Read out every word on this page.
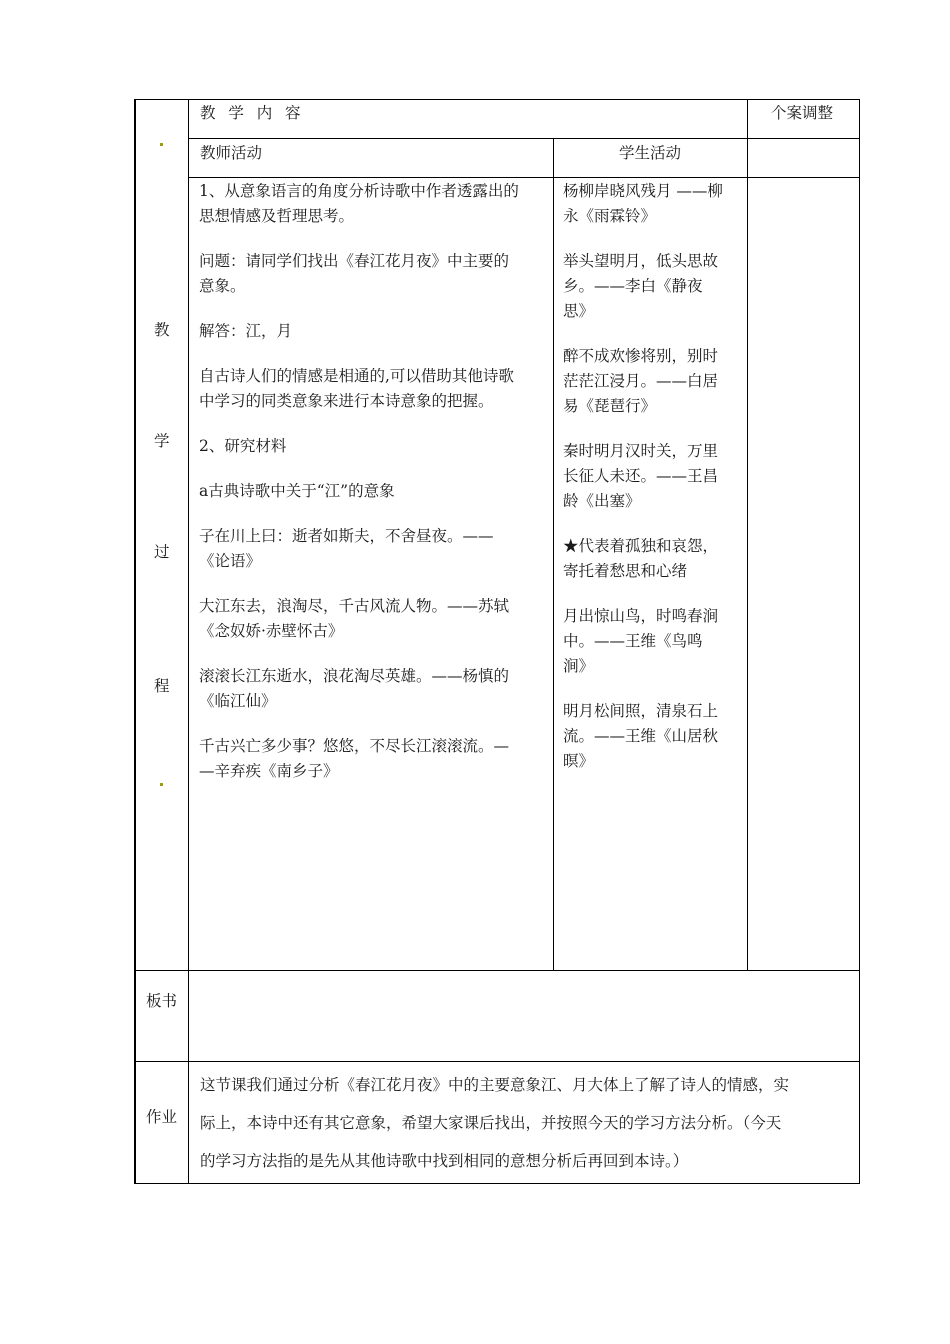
教  学  内  容	个案调整
教师活动	学生活动
教
学
过
程
板书
作业
1、从意象语言的角度分析诗歌中作者透露出的
思想情感及哲理思考。
问题：请同学们找出《春江花月夜》中主要的
意象。
解答：江，月
自古诗人们的情感是相通的,可以借助其他诗歌
中学习的同类意象来进行本诗意象的把握。
2、研究材料
a古典诗歌中关于“江”的意象
子在川上曰：逝者如斯夫，不舍昼夜。——
《论语》
大江东去，浪淘尽，千古风流人物。——苏轼
《念奴娇·赤壁怀古》
滚滚长江东逝水，浪花淘尽英雄。——杨慎的
《临江仙》
千古兴亡多少事？悠悠，不尽长江滚滚流。—
—辛弃疾《南乡子》
杨柳岸晓风残月 ——柳
永《雨霖铃》
举头望明月，低头思故
乡。——李白《静夜
思》
醉不成欢惨将别，别时
茫茫江浸月。——白居
易《琵琶行》
秦时明月汉时关，万里
长征人未还。——王昌
龄《出塞》
★代表着孤独和哀怨，
寄托着愁思和心绪
月出惊山鸟，时鸣春涧
中。——王维《鸟鸣
涧》
明月松间照，清泉石上
流。——王维《山居秋
暝》
这节课我们通过分析《春江花月夜》中的主要意象江、月大体上了解了诗人的情感，实
际上，本诗中还有其它意象，希望大家课后找出，并按照今天的学习方法分析。（今天
的学习方法指的是先从其他诗歌中找到相同的意想分析后再回到本诗。）
